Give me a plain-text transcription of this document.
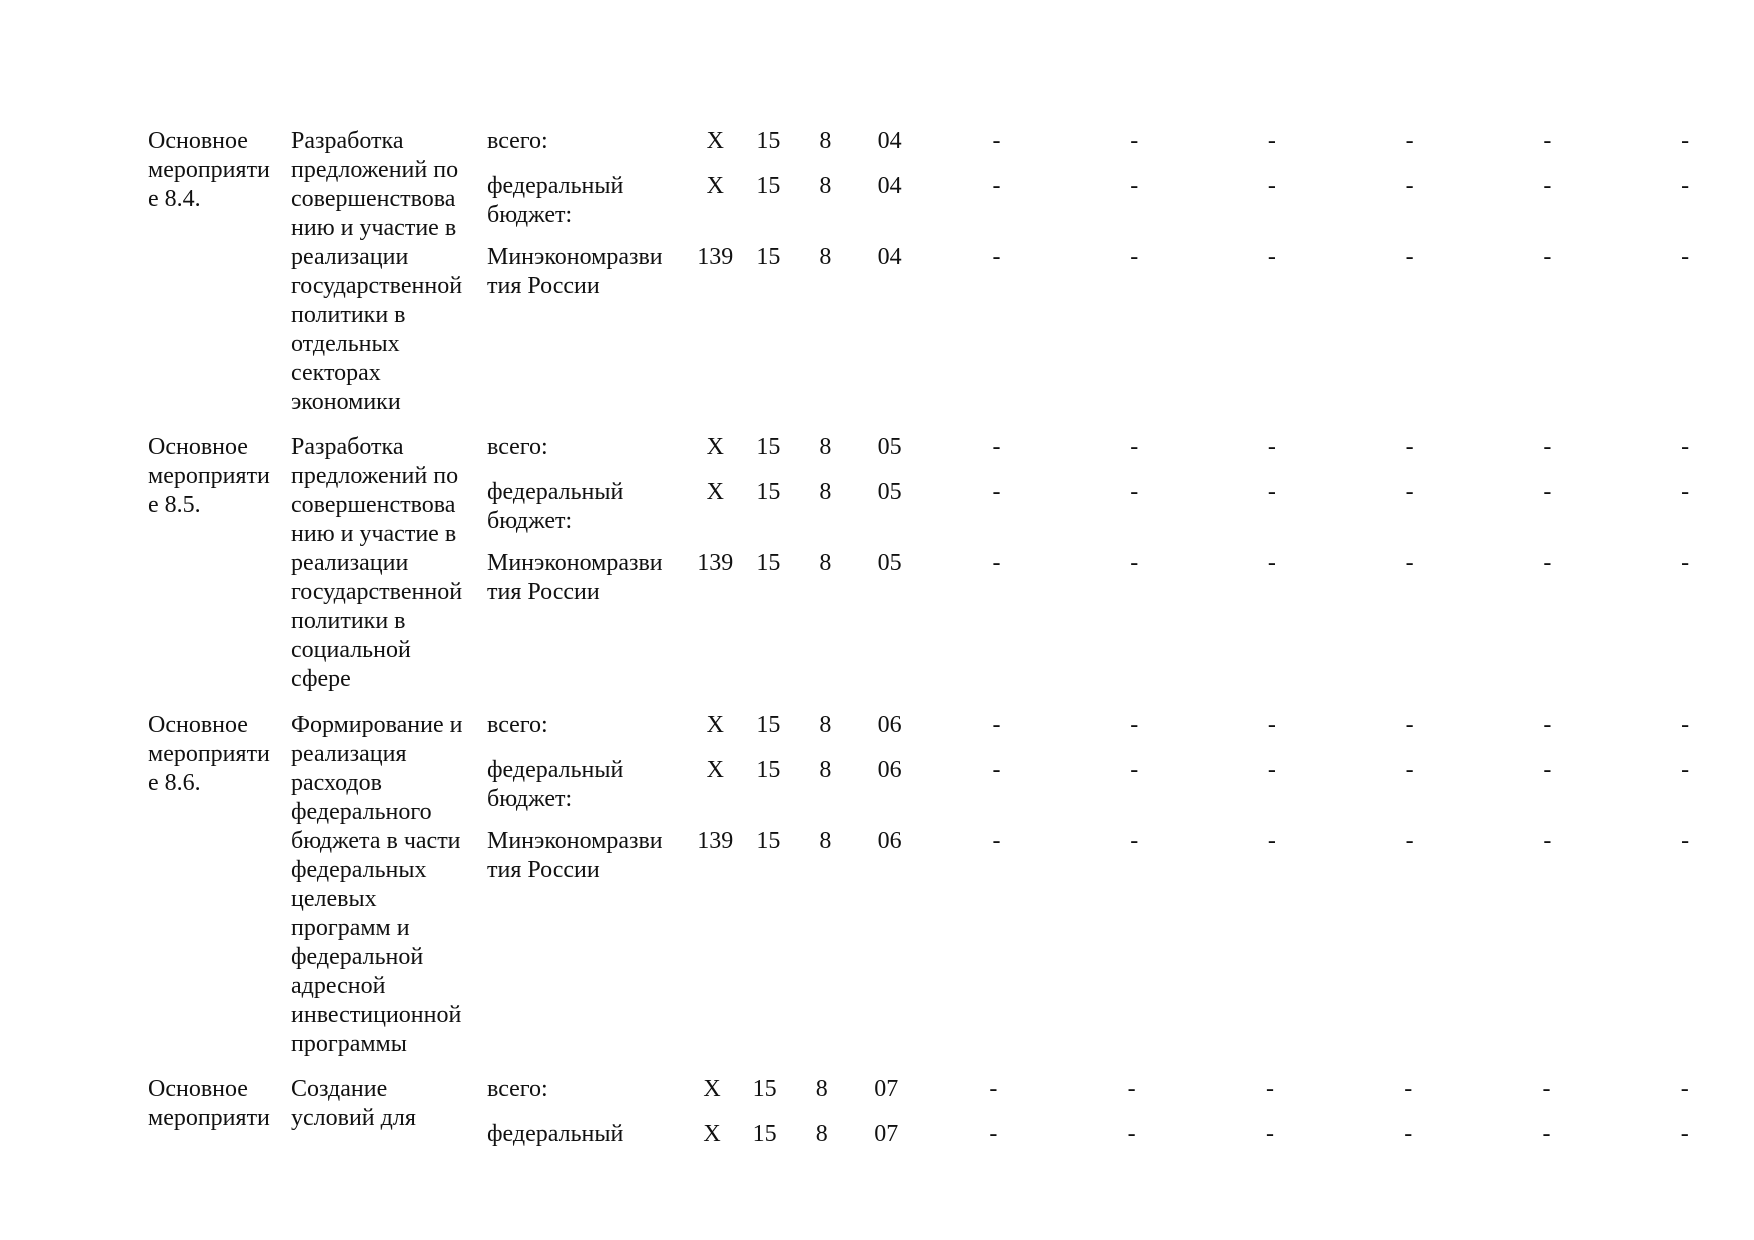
Основное
мероприяти
е 8.4.

Разработка
предложений по
совершенствова
нию и участие в
реализации
государственной
политики в
отдельных
секторах
экономики

всего:	X	15	8	04	-	-	-	-	-	-

федеральный
бюджет:
	X	15	8	04	-	-	-	-	-	-

Минэкономразви
тия России
	139	15	8	04	-	-	-	-	-	-

Основное
мероприяти
е 8.5.

Разработка
предложений по
совершенствова
нию и участие в
реализации
государственной
политики в
социальной
сфере

всего:	X	15	8	05	-	-	-	-	-	-

федеральный
бюджет:
	X	15	8	05	-	-	-	-	-	-

Минэкономразви
тия России
	139	15	8	05	-	-	-	-	-	-

Основное
мероприяти
е 8.6.

Формирование и
реализация
расходов
федерального
бюджета в части
федеральных
целевых
программ и
федеральной
адресной
инвестиционной
программы

всего:	X	15	8	06	-	-	-	-	-	-

федеральный
бюджет:
	X	15	8	06	-	-	-	-	-	-

Минэкономразви
тия России
	139	15	8	06	-	-	-	-	-	-

Основное
мероприяти

Создание
условий для

всего:	X	15	8	07	-	-	-	-	-	-

федеральный	X	15	8	07	-	-	-	-	-	-
